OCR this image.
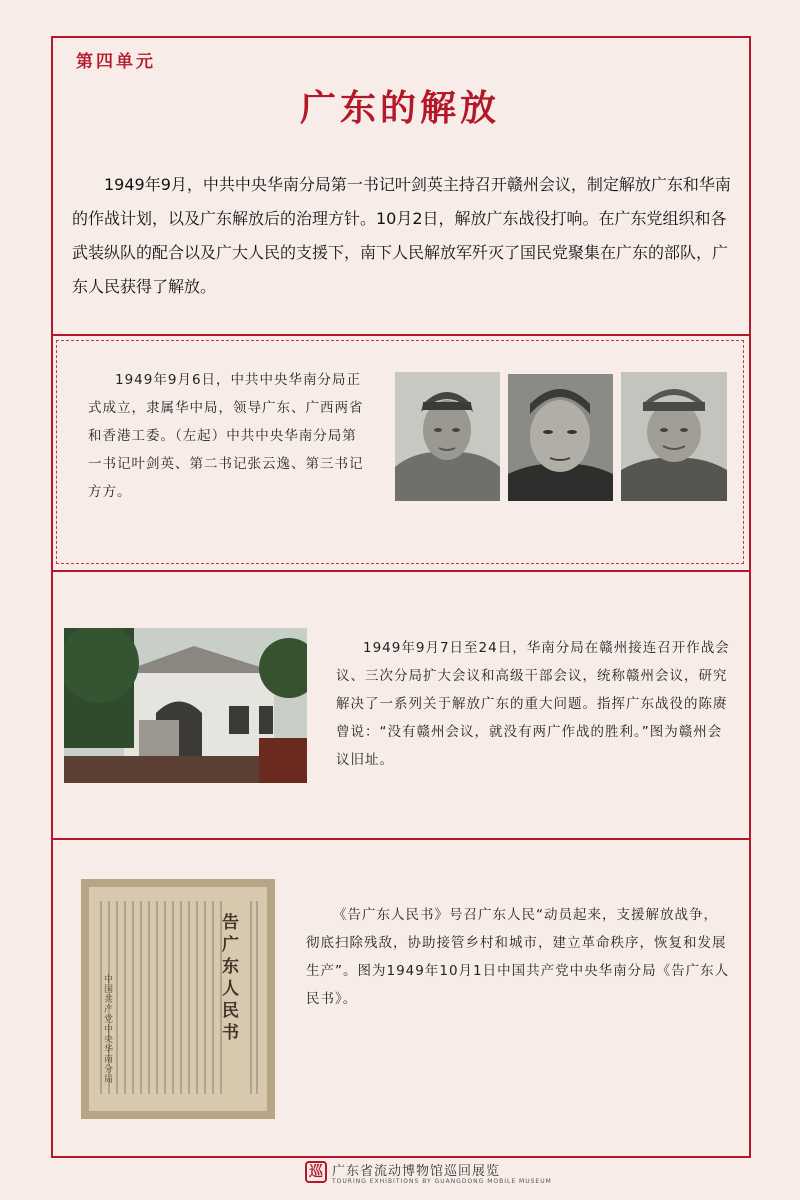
第四单元
广东的解放

1949年9月，中共中央华南分局第一书记叶剑英主持召开赣州会议，制定解放广东和华南的作战计划，以及广东解放后的治理方针。10月2日，解放广东战役打响。在广东党组织和各武装纵队的配合以及广大人民的支援下，南下人民解放军歼灭了国民党聚集在广东的部队，广东人民获得了解放。

1949年9月6日，中共中央华南分局正式成立，隶属华中局，领导广东、广西两省和香港工委。（左起）中共中央华南分局第一书记叶剑英、第二书记张云逸、第三书记方方。

1949年9月7日至24日，华南分局在赣州接连召开作战会议、三次分局扩大会议和高级干部会议，统称赣州会议，研究解决了一系列关于解放广东的重大问题。指挥广东战役的陈赓曾说：“没有赣州会议，就没有两广作战的胜利。”图为赣州会议旧址。

告广东人民书
中国共产党中央华南分局

《告广东人民书》号召广东人民“动员起来，支援解放战争，彻底扫除残敌，协助接管乡村和城市，建立革命秩序，恢复和发展生产”。图为1949年10月1日中国共产党中央华南分局《告广东人民书》。

巡 广东省流动博物馆巡回展览
TOURING EXHIBITIONS BY GUANGDONG MOBILE MUSEUM
